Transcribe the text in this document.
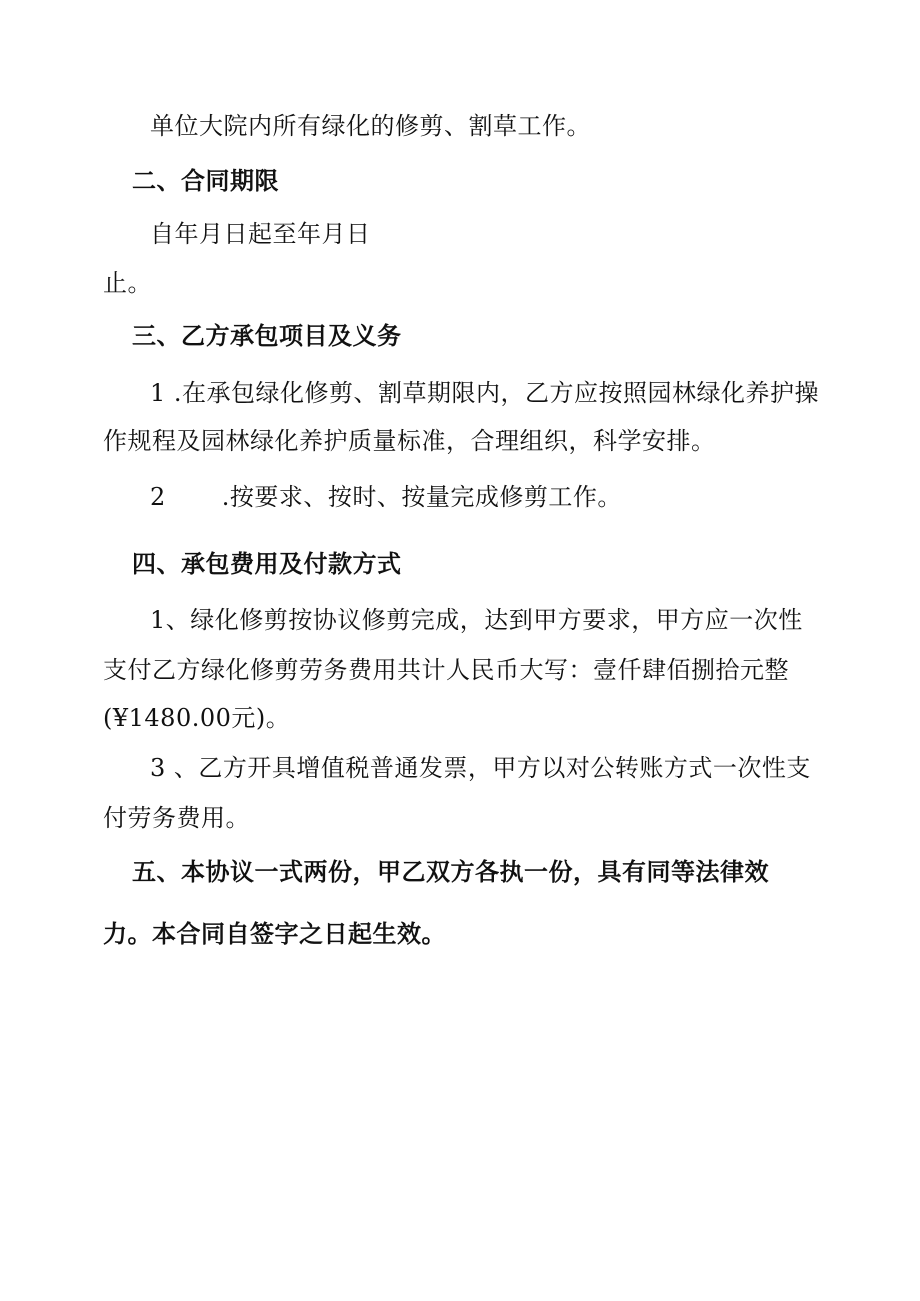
单位大院内所有绿化的修剪、割草工作。
二、合同期限
自年月日起至年月日
止。
三、乙方承包项目及义务
1 .在承包绿化修剪、割草期限内，乙方应按照园林绿化养护操
作规程及园林绿化养护质量标准，合理组织，科学安排。
2 .按要求、按时、按量完成修剪工作。
四、承包费用及付款方式
1、绿化修剪按协议修剪完成，达到甲方要求，甲方应一次性
支付乙方绿化修剪劳务费用共计人民币大写：壹仟肆佰捌拾元整
(¥1480.00元)。
3 、乙方开具增值税普通发票，甲方以对公转账方式一次性支
付劳务费用。
五、本协议一式两份，甲乙双方各执一份，具有同等法律效
力。本合同自签字之日起生效。
